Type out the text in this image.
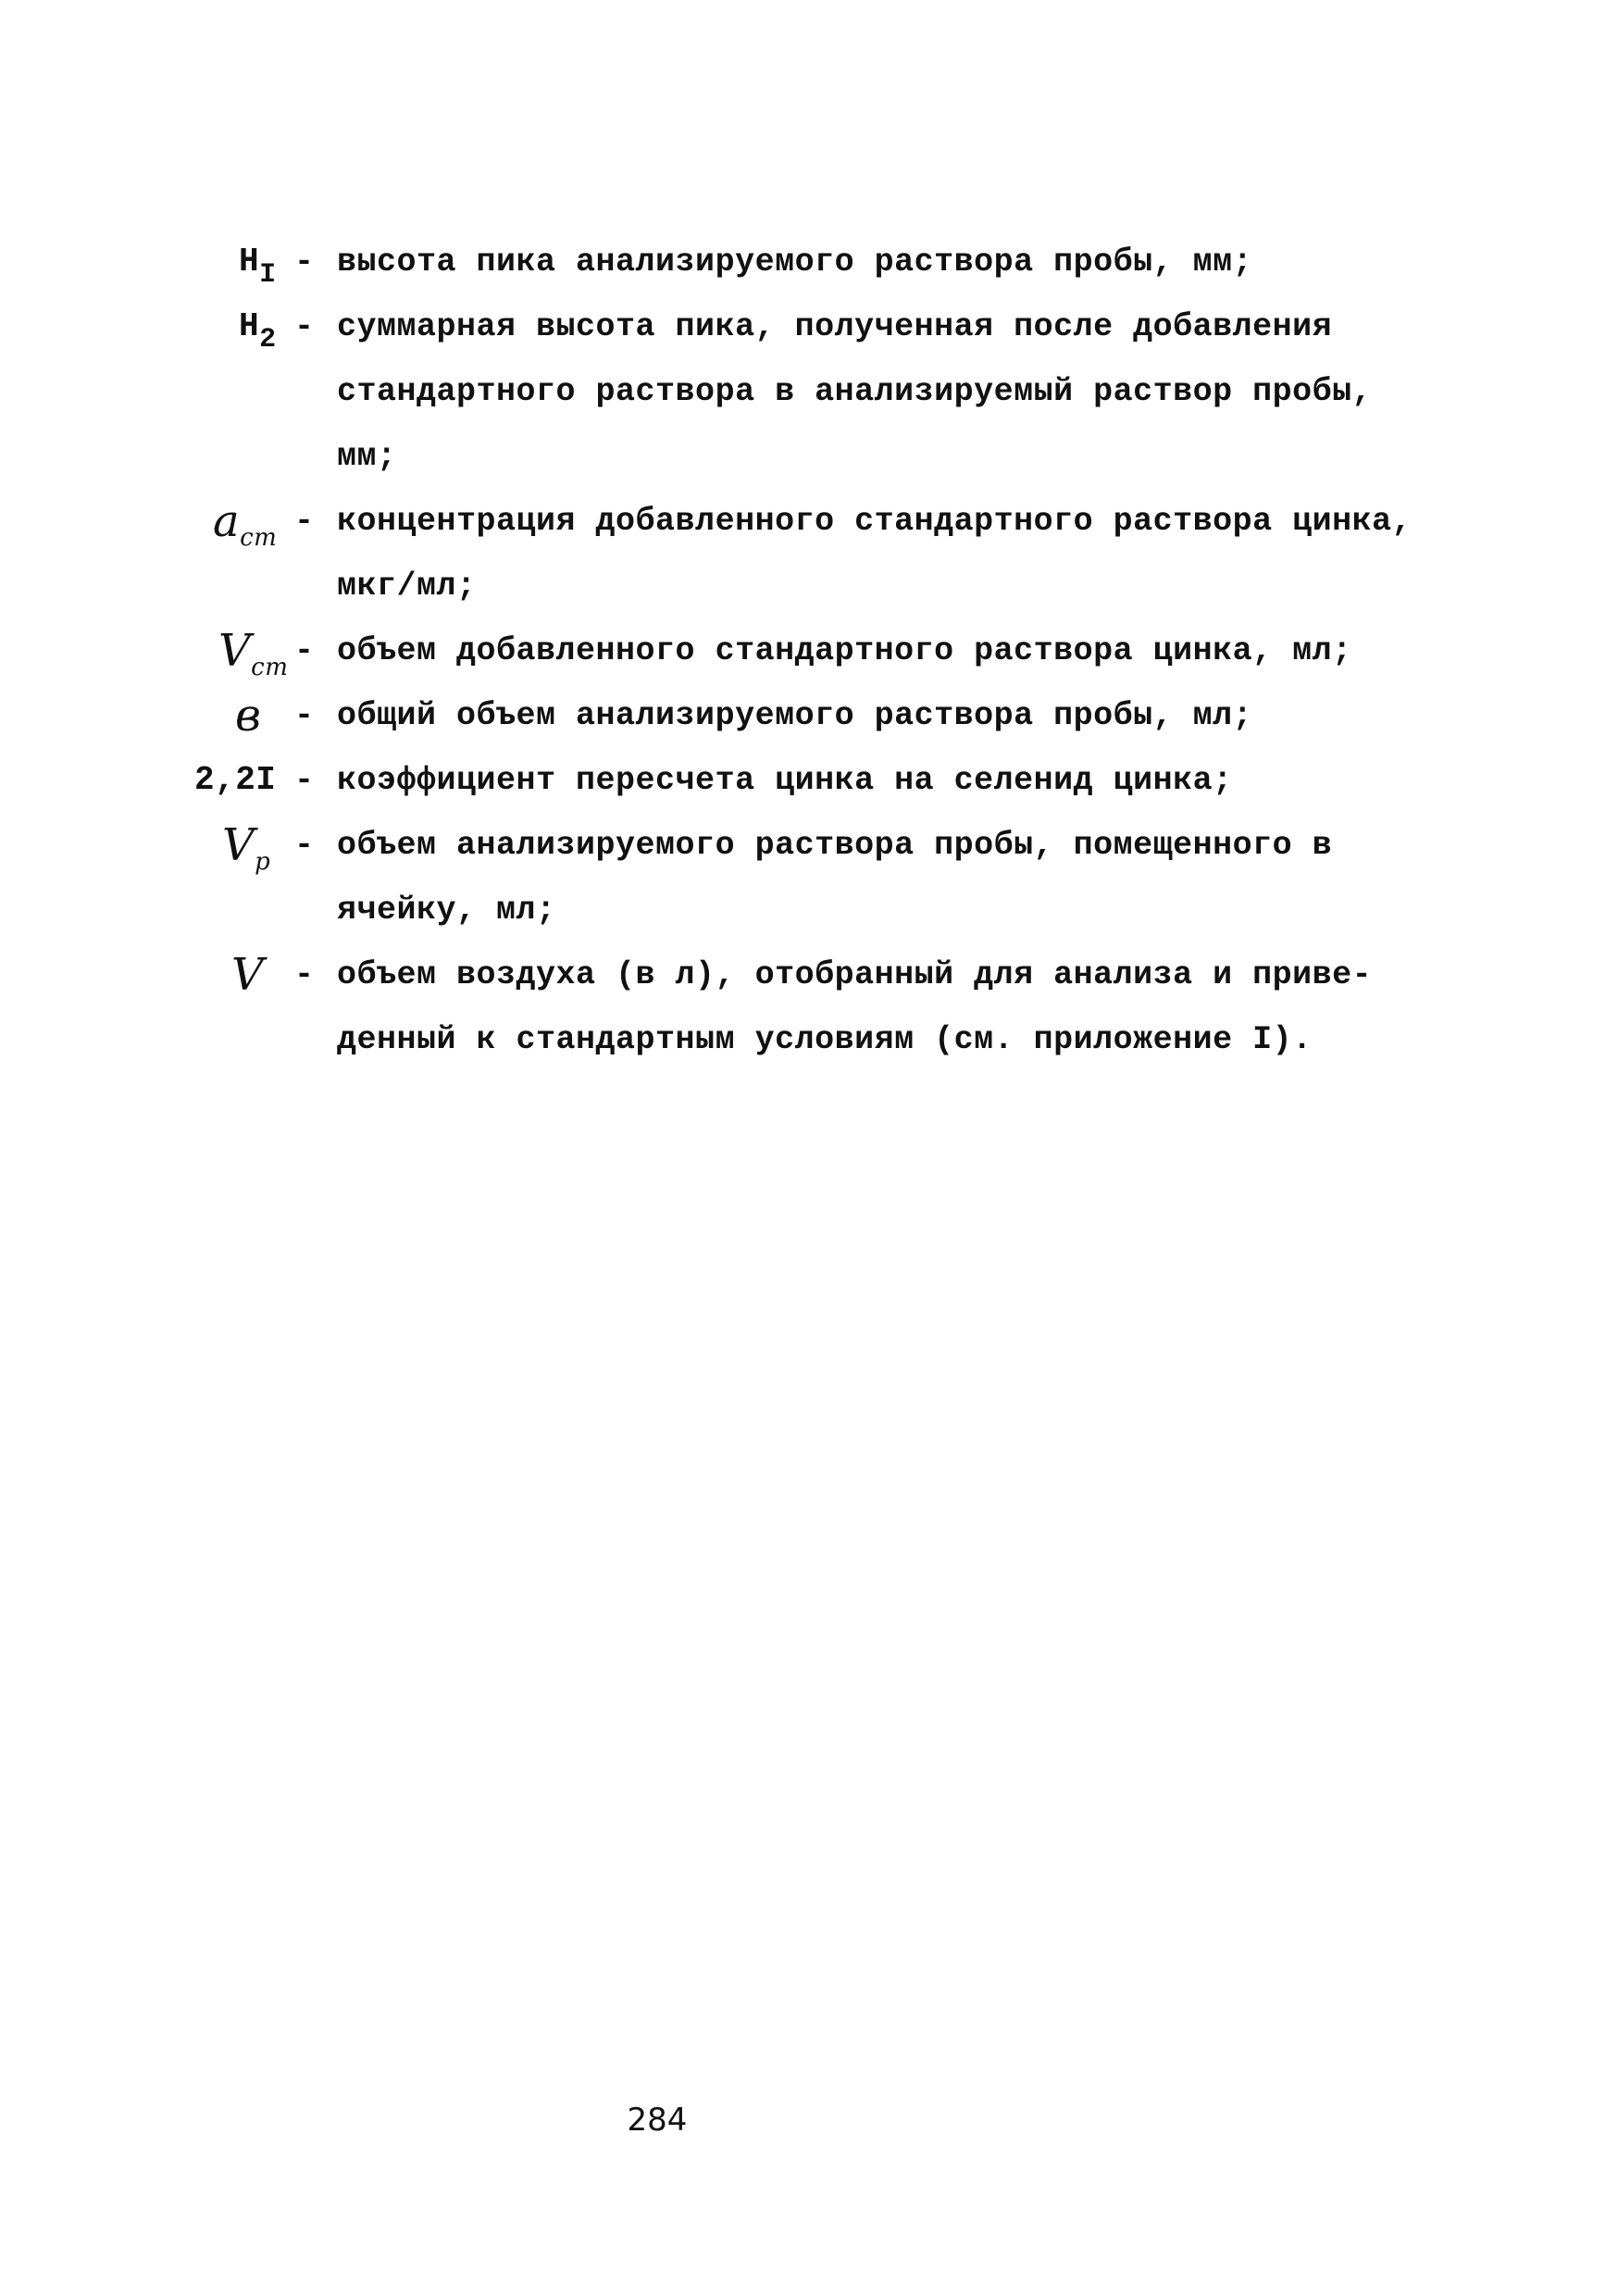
$H_I$ - высота пика анализируемого раствора пробы, мм;
$H_2$ - суммарная высота пика, полученная после добавления
стандартного раствора в анализируемый раствор пробы,
мм;
$a_{ст}$ - концентрация добавленного стандартного раствора цинка,
мкг/мл;
$V_{ст}$ - объем добавленного стандартного раствора цинка, мл;
в - общий объем анализируемого раствора пробы, мл;
2,2I - коэффициент пересчета цинка на селенид цинка;
$V_р$ - объем анализируемого раствора пробы, помещенного в
ячейку, мл;
V - объем воздуха (в л), отобранный для анализа и приве-
денный к стандартным условиям (см. приложение I).
284
